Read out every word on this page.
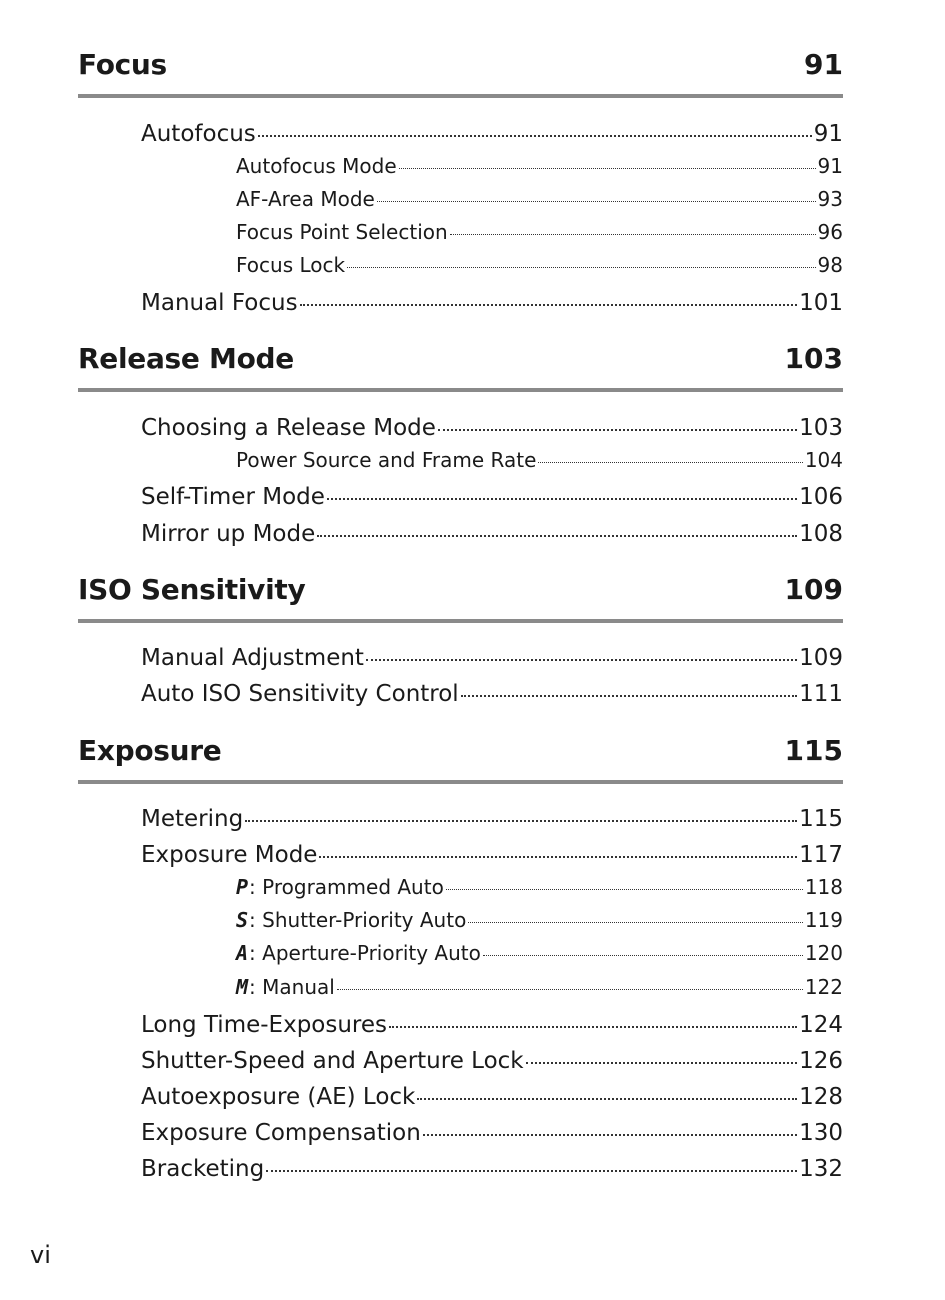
Focus	91
Autofocus	91
Autofocus Mode	91
AF-Area Mode	93
Focus Point Selection	96
Focus Lock	98
Manual Focus	101
Release Mode	103
Choosing a Release Mode	103
Power Source and Frame Rate	104
Self-Timer Mode	106
Mirror up Mode	108
ISO Sensitivity	109
Manual Adjustment	109
Auto ISO Sensitivity Control	111
Exposure	115
Metering	115
Exposure Mode	117
P: Programmed Auto	118
S: Shutter-Priority Auto	119
A: Aperture-Priority Auto	120
M: Manual	122
Long Time-Exposures	124
Shutter-Speed and Aperture Lock	126
Autoexposure (AE) Lock	128
Exposure Compensation	130
Bracketing	132
vi
